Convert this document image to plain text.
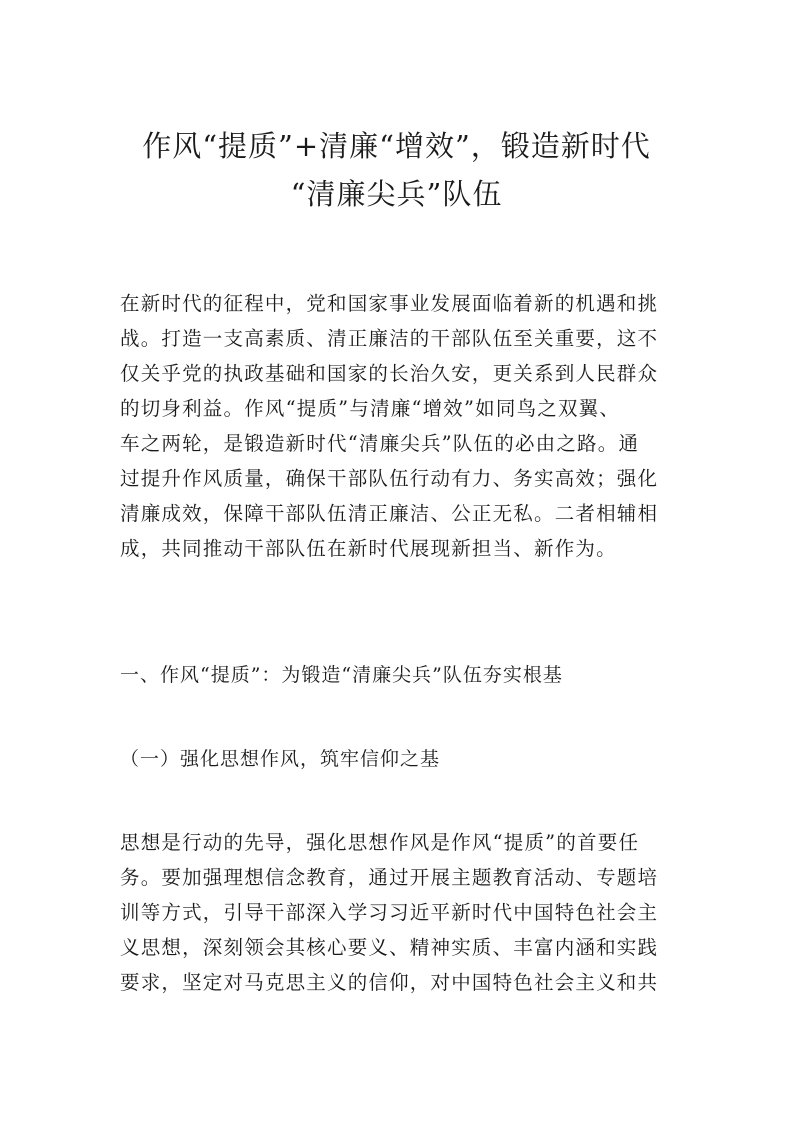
作风“提质”+清廉“增效”，锻造新时代
“清廉尖兵”队伍

在新时代的征程中，党和国家事业发展面临着新的机遇和挑
战。打造一支高素质、清正廉洁的干部队伍至关重要，这不
仅关乎党的执政基础和国家的长治久安，更关系到人民群众
的切身利益。作风“提质”与清廉“增效”如同鸟之双翼、
车之两轮，是锻造新时代“清廉尖兵”队伍的必由之路。通
过提升作风质量，确保干部队伍行动有力、务实高效；强化
清廉成效，保障干部队伍清正廉洁、公正无私。二者相辅相
成，共同推动干部队伍在新时代展现新担当、新作为。

一、作风“提质”：为锻造“清廉尖兵”队伍夯实根基
（一）强化思想作风，筑牢信仰之基

思想是行动的先导，强化思想作风是作风“提质”的首要任
务。要加强理想信念教育，通过开展主题教育活动、专题培
训等方式，引导干部深入学习习近平新时代中国特色社会主
义思想，深刻领会其核心要义、精神实质、丰富内涵和实践
要求，坚定对马克思主义的信仰，对中国特色社会主义和共
